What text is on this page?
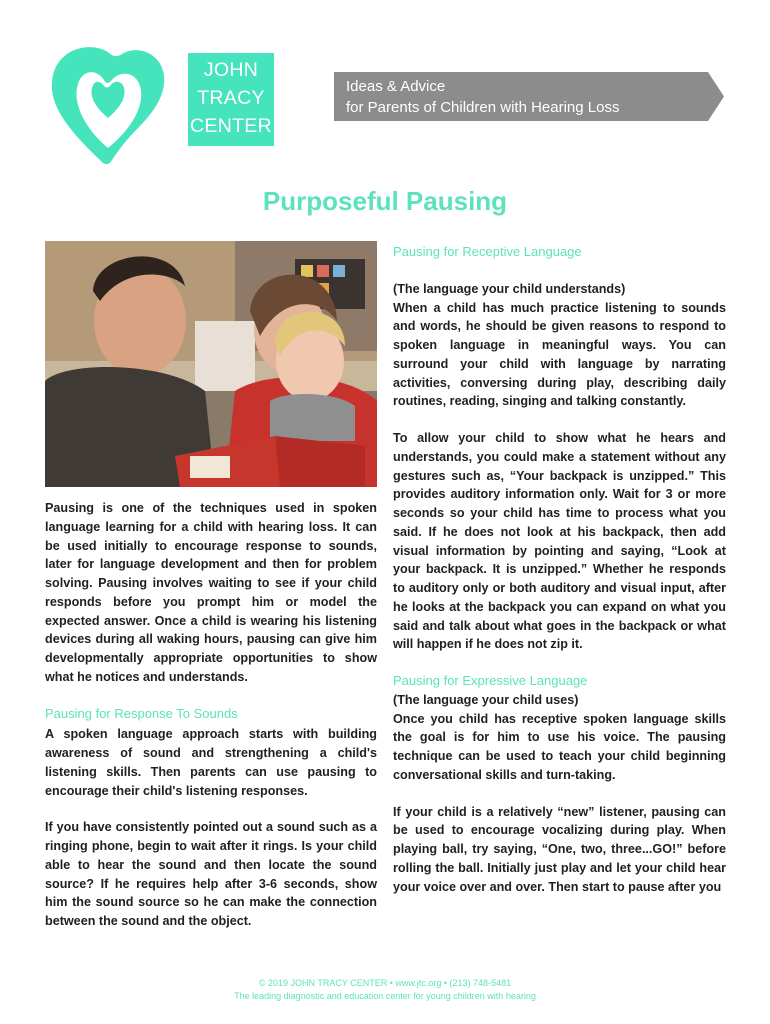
JOHN
TRACY
CENTER
Ideas & Advice
for Parents of Children with Hearing Loss
Purposeful Pausing

Pausing is one of the techniques used in spoken language learning for a child with hearing loss. It can be used initially to encourage response to sounds, later for language development and then for problem solving. Pausing involves waiting to see if your child responds before you prompt him or model the expected answer. Once a child is wearing his listening devices during all waking hours, pausing can give him developmentally appropriate opportunities to show what he notices and understands.

Pausing for Response To Sounds

A spoken language approach starts with building awareness of sound and strengthening a child's listening skills. Then parents can use pausing to encourage their child's listening responses.

If you have consistently pointed out a sound such as a ringing phone, begin to wait after it rings. Is your child able to hear the sound and then locate the sound source? If he requires help after 3-6 seconds, show him the sound source so he can make the connection between the sound and the object.

Pausing for Receptive Language

(The language your child understands)

When a child has much practice listening to sounds and words, he should be given reasons to respond to spoken language in meaningful ways. You can surround your child with language by narrating activities, conversing during play, describing daily routines, reading, singing and talking constantly.

To allow your child to show what he hears and understands, you could make a statement without any gestures such as, “Your backpack is unzipped.” This provides auditory information only. Wait for 3 or more seconds so your child has time to process what you said. If he does not look at his backpack, then add visual information by pointing and saying, “Look at your backpack. It is unzipped.” Whether he responds to auditory only or both auditory and visual input, after he looks at the backpack you can expand on what you said and talk about what goes in the backpack or what will happen if he does not zip it.

Pausing for Expressive Language

(The language your child uses)

Once you child has receptive spoken language skills the goal is for him to use his voice. The pausing technique can be used to teach your child beginning conversational skills and turn-taking.

If your child is a relatively “new” listener, pausing can be used to encourage vocalizing during play. When playing ball, try saying, “One, two, three...GO!” before rolling the ball. Initially just play and let your child hear your voice over and over. Then start to pause after you

© 2019 JOHN TRACY CENTER • www.jtc.org • (213) 748-5481
The leading diagnostic and education center for young children with hearing
